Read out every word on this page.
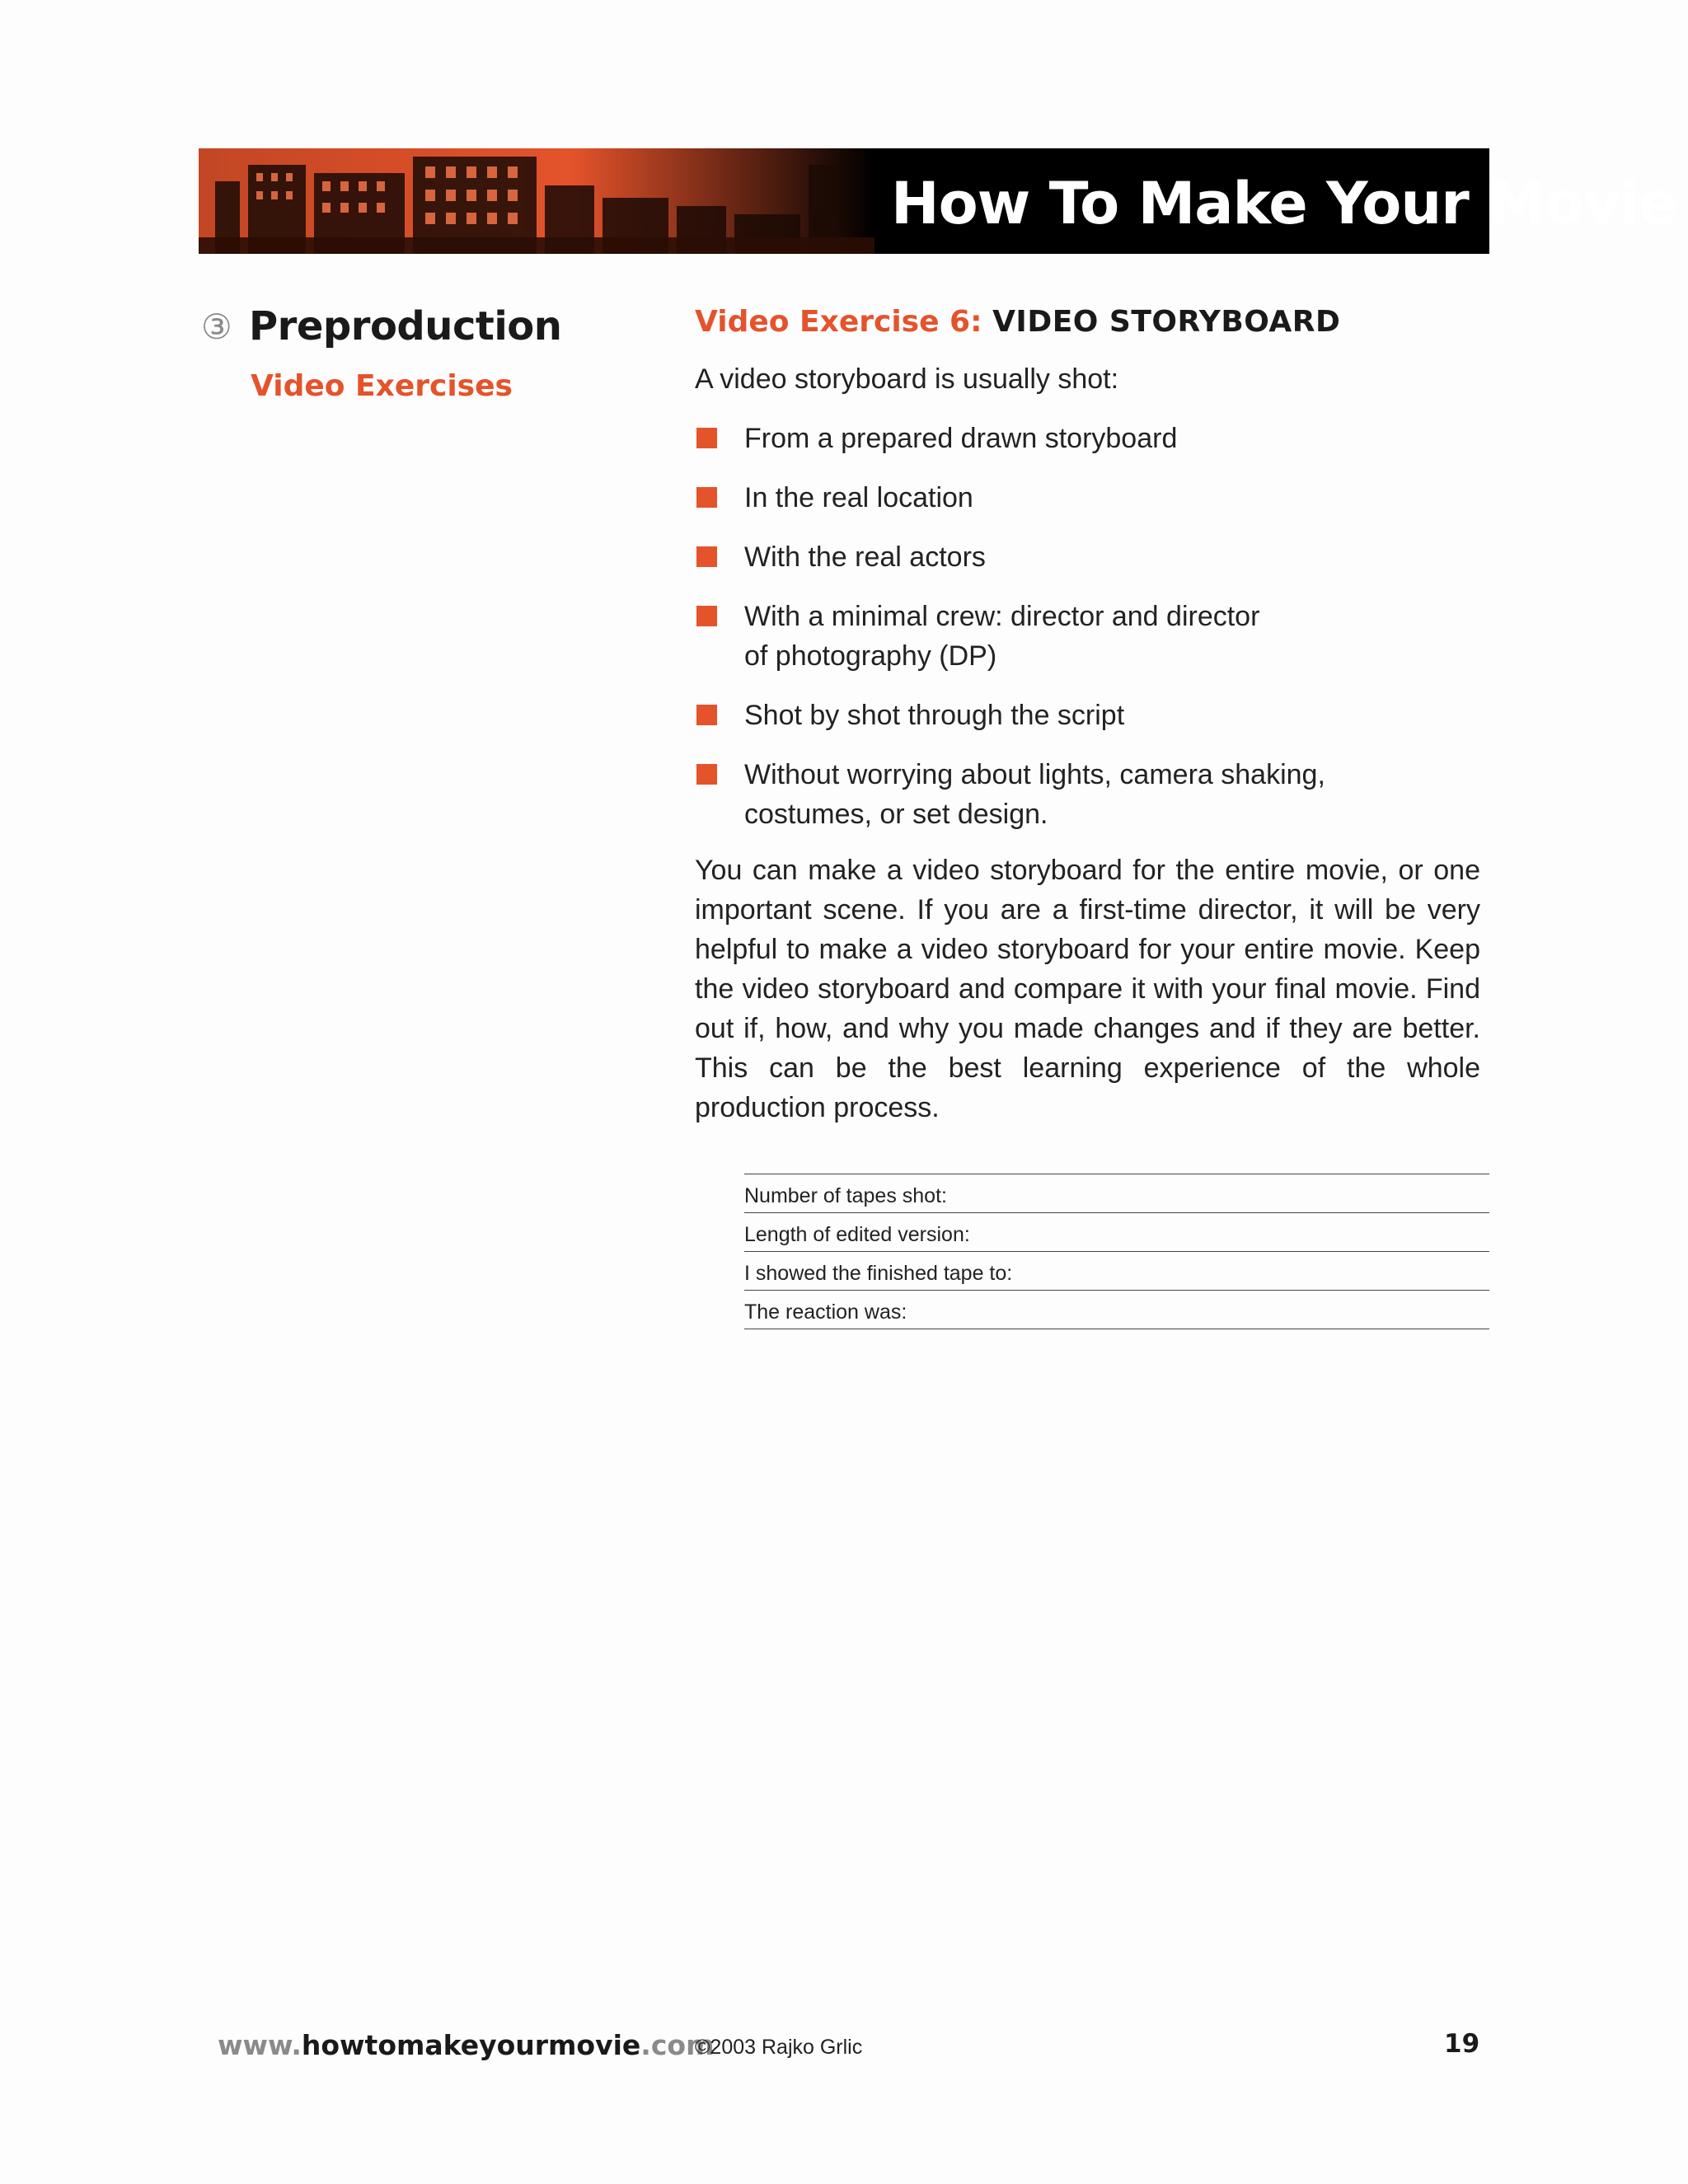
How To Make Your Movie
③ Preproduction
Video Exercises
Video Exercise 6: VIDEO STORYBOARD
A video storyboard is usually shot:
From a prepared drawn storyboard
In the real location
With the real actors
With a minimal crew: director and director
of photography (DP)
Shot by shot through the script
Without worrying about lights, camera shaking,
costumes, or set design.

You can make a video storyboard for the entire movie, or one important scene. If you are a first-time director, it will be very helpful to make a video storyboard for your entire movie. Keep the video storyboard and compare it with your final movie. Find out if, how, and why you made changes and if they are better. This can be the best learning experience of the whole production process.

Number of tapes shot:
Length of edited version:
I showed the finished tape to:
The reaction was:
www.howtomakeyourmovie.com
©2003 Rajko Grlic	19
